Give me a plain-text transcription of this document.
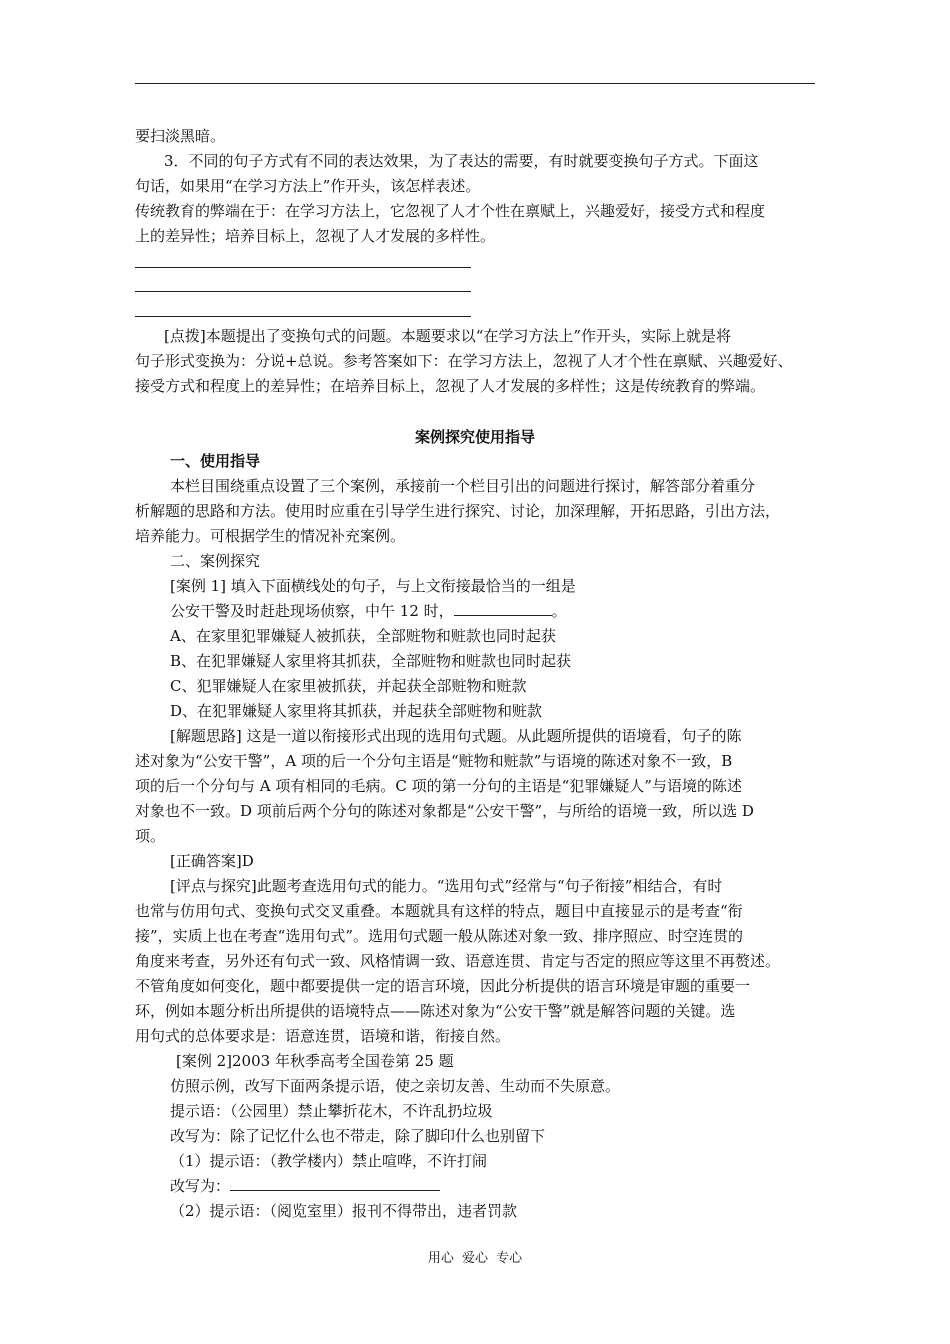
要扫淡黑暗。
3．不同的句子方式有不同的表达效果，为了表达的需要，有时就要变换句子方式。下面这
句话，如果用“在学习方法上”作开头，该怎样表述。
传统教育的弊端在于：在学习方法上，它忽视了人才个性在禀赋上，兴趣爱好，接受方式和程度
上的差异性；培养目标上，忽视了人才发展的多样性。
[点拨]本题提出了变换句式的问题。本题要求以“在学习方法上”作开头，实际上就是将
句子形式变换为：分说+总说。参考答案如下：在学习方法上，忽视了人才个性在禀赋、兴趣爱好、
接受方式和程度上的差异性；在培养目标上，忽视了人才发展的多样性；这是传统教育的弊端。
案例探究使用指导
一、使用指导
本栏目围绕重点设置了三个案例，承接前一个栏目引出的问题进行探讨，解答部分着重分
析解题的思路和方法。使用时应重在引导学生进行探究、讨论，加深理解，开拓思路，引出方法，
培养能力。可根据学生的情况补充案例。
二、案例探究
[案例 1] 填入下面横线处的句子，与上文衔接最恰当的一组是
公安干警及时赶赴现场侦察，中午 12 时，	。
A、在家里犯罪嫌疑人被抓获，全部赃物和赃款也同时起获
B、在犯罪嫌疑人家里将其抓获，全部赃物和赃款也同时起获
C、犯罪嫌疑人在家里被抓获，并起获全部赃物和赃款
D、在犯罪嫌疑人家里将其抓获，并起获全部赃物和赃款
[解题思路] 这是一道以衔接形式出现的选用句式题。从此题所提供的语境看，句子的陈
述对象为“公安干警”，A 项的后一个分句主语是“赃物和赃款”与语境的陈述对象不一致，B
项的后一个分句与 A 项有相同的毛病。C 项的第一分句的主语是“犯罪嫌疑人”与语境的陈述
对象也不一致。D 项前后两个分句的陈述对象都是“公安干警”，与所给的语境一致，所以选 D
项。
[正确答案]D
[评点与探究]此题考查选用句式的能力。“选用句式”经常与“句子衔接”相结合，有时
也常与仿用句式、变换句式交叉重叠。本题就具有这样的特点，题目中直接显示的是考查“衔
接”，实质上也在考查“选用句式”。选用句式题一般从陈述对象一致、排序照应、时空连贯的
角度来考查，另外还有句式一致、风格情调一致、语意连贯、肯定与否定的照应等这里不再赘述。
不管角度如何变化，题中都要提供一定的语言环境，因此分析提供的语言环境是审题的重要一
环，例如本题分析出所提供的语境特点——陈述对象为“公安干警”就是解答问题的关键。选
用句式的总体要求是：语意连贯，语境和谐，衔接自然。
[案例 2]2003 年秋季高考全国卷第 25 题
仿照示例，改写下面两条提示语，使之亲切友善、生动而不失原意。
提示语：（公园里）禁止攀折花木，不许乱扔垃圾
改写为：除了记忆什么也不带走，除了脚印什么也别留下
（1）提示语：（教学楼内）禁止喧哗，不许打闹
改写为：
（2）提示语：（阅览室里）报刊不得带出，违者罚款
用心 爱心 专心
